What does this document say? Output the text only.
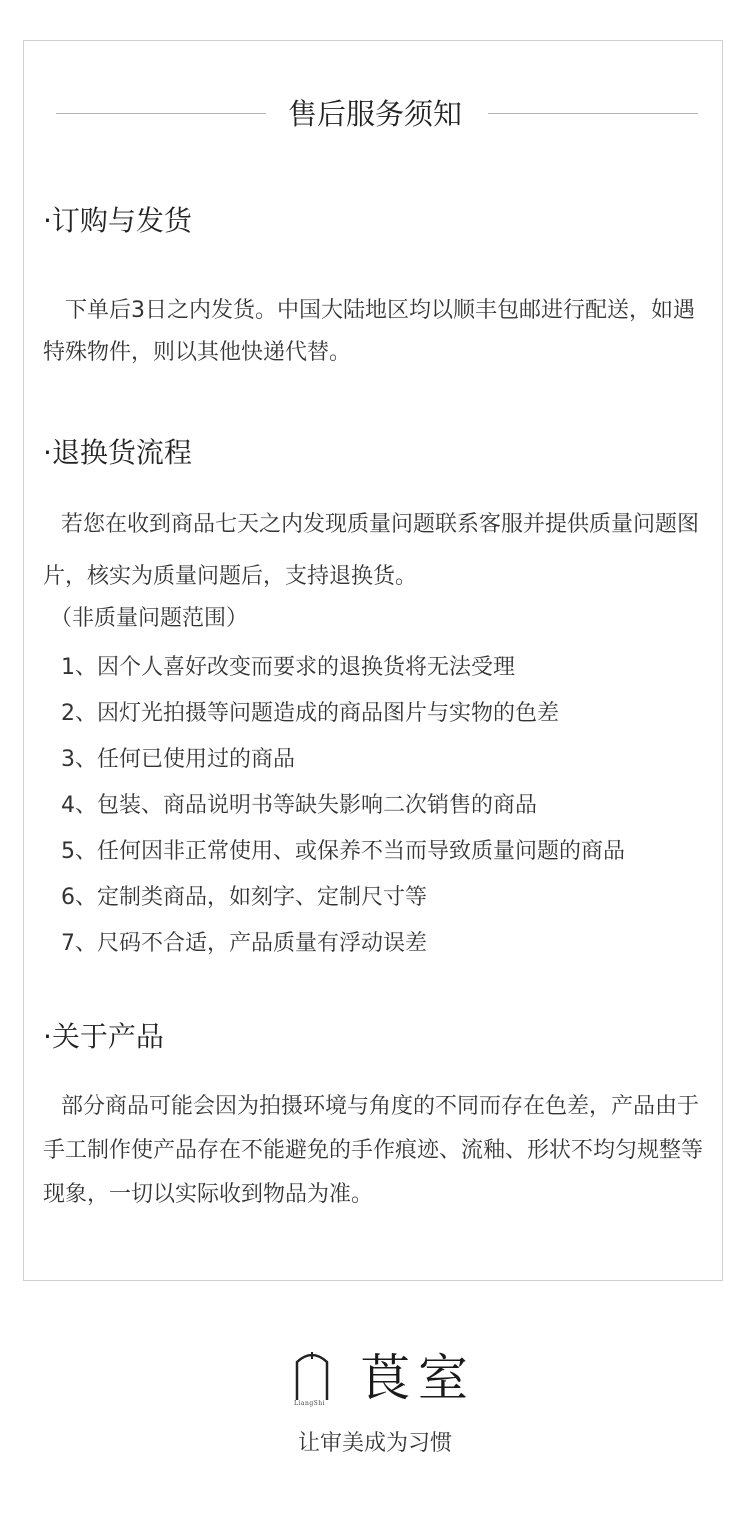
售后服务须知
·订购与发货

下单后3日之内发货。中国大陆地区均以顺丰包邮进行配送，如遇特殊物件，则以其他快递代替。

·退换货流程

若您在收到商品七天之内发现质量问题联系客服并提供质量问题图片，核实为质量问题后，支持退换货。

（非质量问题范围）
1、因个人喜好改变而要求的退换货将无法受理
2、因灯光拍摄等问题造成的商品图片与实物的色差
3、任何已使用过的商品
4、包装、商品说明书等缺失影响二次销售的商品
5、任何因非正常使用、或保养不当而导致质量问题的商品
6、定制类商品，如刻字、定制尺寸等
7、尺码不合适，产品质量有浮动误差
·关于产品

部分商品可能会因为拍摄环境与角度的不同而存在色差，产品由于手工制作使产品存在不能避免的手作痕迹、流釉、形状不均匀规整等现象，一切以实际收到物品为准。

LiangShi 莨室
让审美成为习惯
